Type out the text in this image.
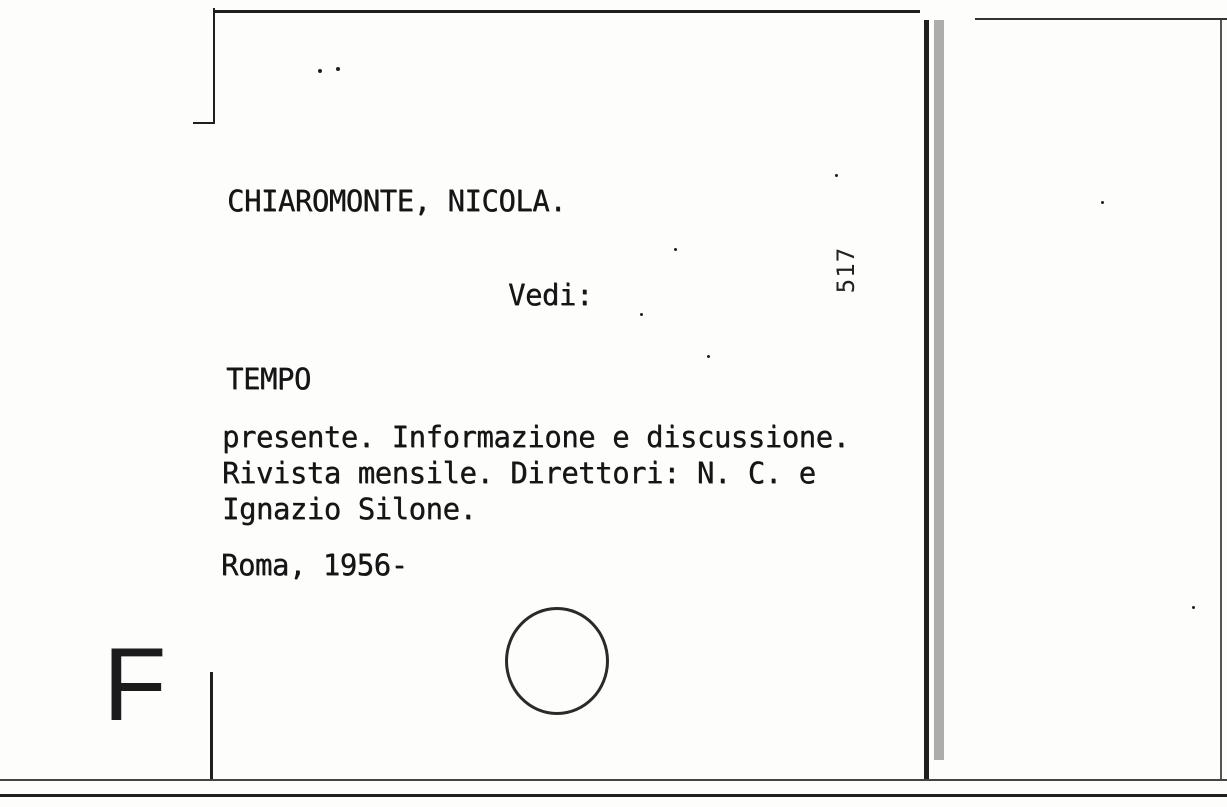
CHIAROMONTE, NICOLA.
Vedi:
517
TEMPO
presente. Informazione e discussione.
Rivista mensile. Direttori: N. C. e
Ignazio Silone.
Roma, 1956-
F
